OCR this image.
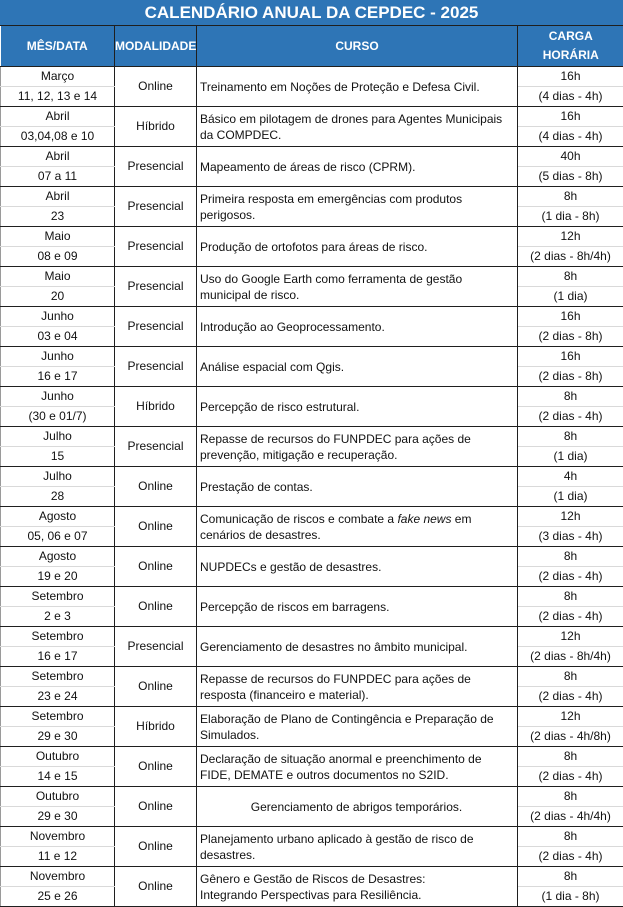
CALENDÁRIO ANUAL DA CEPDEC - 2025
MÊS/DATA	MODALIDADE	CURSO	CARGA
HORÁRIA

Março	Online	Treinamento em Noções de Proteção e Defesa Civil.	16h
11, 12, 13 e 14			(4 dias - 4h)
Abril	Híbrido	Básico em pilotagem de drones para Agentes Municipais da COMPDEC.	16h
03,04,08 e 10			(4 dias - 4h)
Abril	Presencial	Mapeamento de áreas de risco (CPRM).	40h
07 a 11			(5 dias - 8h)
Abril	Presencial	Primeira resposta em emergências com produtos perigosos.	8h
23			(1 dia - 8h)
Maio	Presencial	Produção de ortofotos para áreas de risco.	12h
08 e 09			(2 dias - 8h/4h)
Maio	Presencial	Uso do Google Earth como ferramenta de gestão municipal de risco.	8h
20			(1 dia)
Junho	Presencial	Introdução ao Geoprocessamento.	16h
03 e 04			(2 dias - 8h)
Junho	Presencial	Análise espacial com Qgis.	16h
16 e 17			(2 dias - 8h)
Junho	Híbrido	Percepção de risco estrutural.	8h
(30 e 01/7)			(2 dias - 4h)
Julho	Presencial	Repasse de recursos do FUNPDEC para ações de prevenção, mitigação e recuperação.	8h
15			(1 dia)
Julho	Online	Prestação de contas.	4h
28			(1 dia)
Agosto	Online	Comunicação de riscos e combate a fake news em cenários de desastres.	12h
05, 06 e 07			(3 dias - 4h)
Agosto	Online	NUPDECs e gestão de desastres.	8h
19 e 20			(2 dias - 4h)
Setembro	Online	Percepção de riscos em barragens.	8h
2 e 3			(2 dias - 4h)
Setembro	Presencial	Gerenciamento de desastres no âmbito municipal.	12h
16 e 17			(2 dias - 8h/4h)
Setembro	Online	Repasse de recursos do FUNPDEC para ações de resposta (financeiro e material).	8h
23 e 24			(2 dias - 4h)
Setembro	Híbrido	Elaboração de Plano de Contingência e Preparação de Simulados.	12h
29 e 30			(2 dias - 4h/8h)
Outubro	Online	Declaração de situação anormal e preenchimento de FIDE, DEMATE e outros documentos no S2ID.	8h
14 e 15			(2 dias - 4h)
Outubro	Online	Gerenciamento de abrigos temporários.	8h
29 e 30			(2 dias - 4h/4h)
Novembro	Online	Planejamento urbano aplicado à gestão de risco de desastres.	8h
11 e 12			(2 dias - 4h)
Novembro	Online	Gênero e Gestão de Riscos de Desastres:
Integrando Perspectivas para Resiliência.	8h
25 e 26			(1 dia - 8h)
